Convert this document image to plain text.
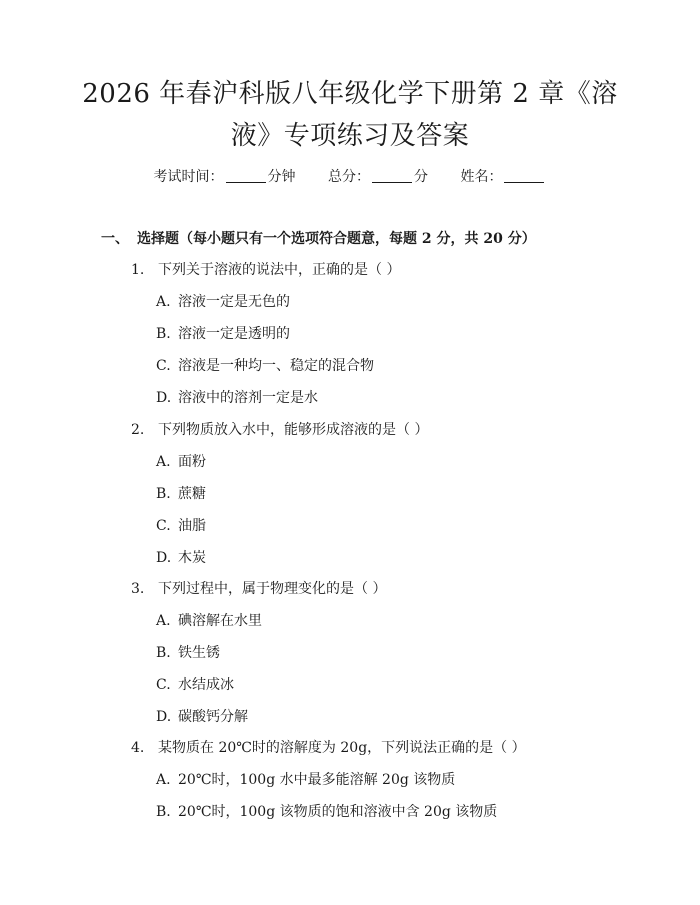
2026 年春沪科版八年级化学下册第 2 章《溶
液》专项练习及答案
考试时间：	分钟 总分：	分 姓名：
一、 选择题（每小题只有一个选项符合题意，每题 2 分，共 20 分）
1. 下列关于溶液的说法中，正确的是（ ）
A. 溶液一定是无色的
B. 溶液一定是透明的
C. 溶液是一种均一、稳定的混合物
D. 溶液中的溶剂一定是水
2. 下列物质放入水中，能够形成溶液的是（ ）
A. 面粉
B. 蔗糖
C. 油脂
D. 木炭
3. 下列过程中，属于物理变化的是（ ）
A. 碘溶解在水里
B. 铁生锈
C. 水结成冰
D. 碳酸钙分解
4. 某物质在 20℃时的溶解度为 20g，下列说法正确的是（ ）
A. 20℃时，100g 水中最多能溶解 20g 该物质
B. 20℃时，100g 该物质的饱和溶液中含 20g 该物质
